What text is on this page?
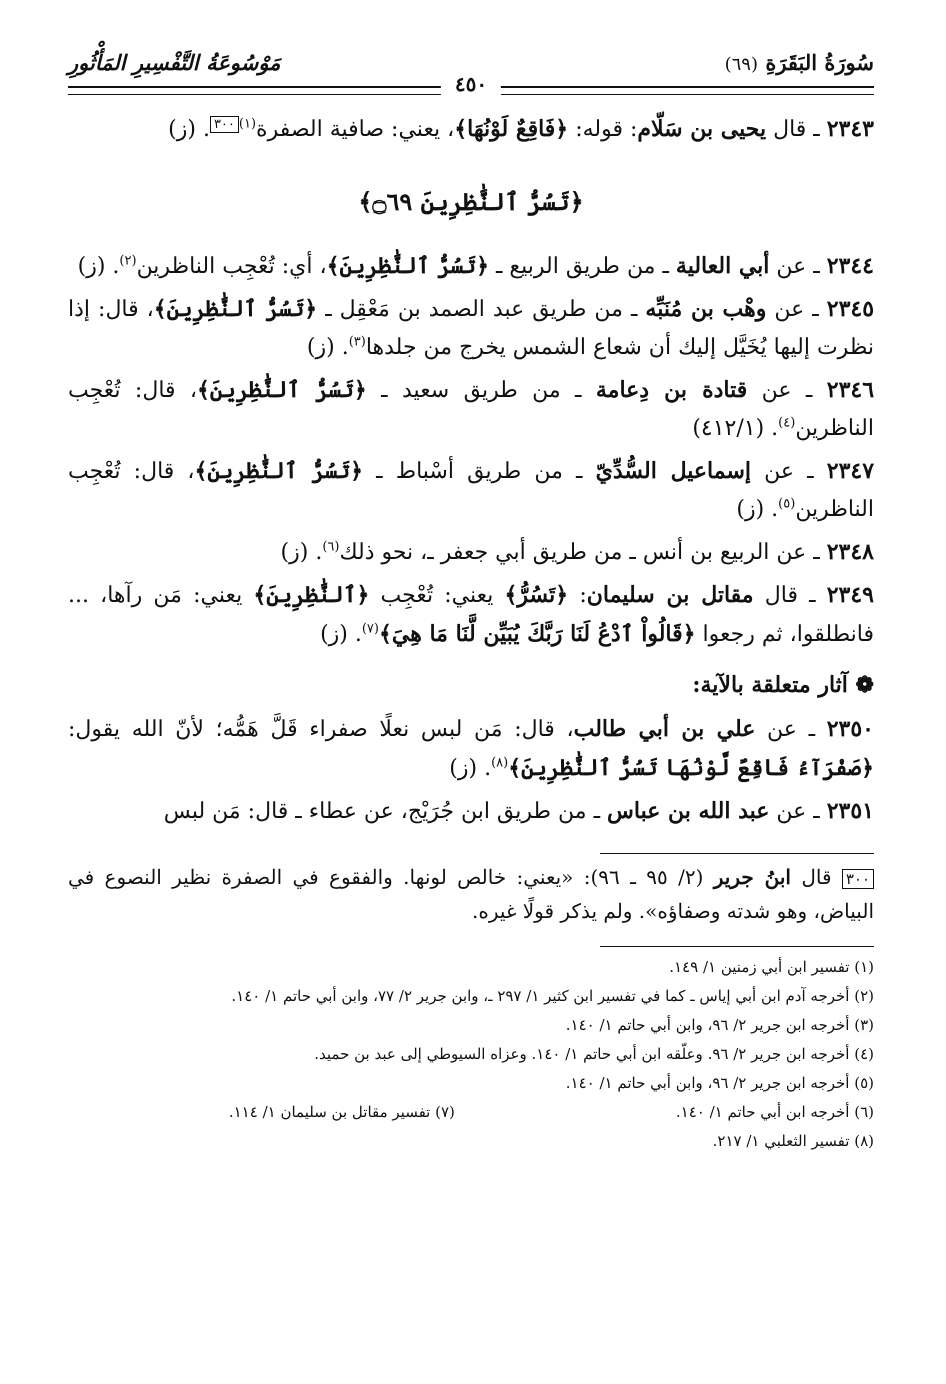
سُورَةُ البَقَرَةِ (٦٩)
٤٥٠
مَوْسُوعَةُ التَّفْسِيرِ المَأْثُورِ

٢٣٤٣ ـ قال يحيى بن سَلّام: قوله: ﴿فَاقِعٌ لَوْنُهَا﴾، يعني: صافية الصفرة$^{(١)٣٠٠}$. (ز)

﴿تَسُرُّ ٱلنَّٰظِرِينَ ۝٦٩﴾

٢٣٤٤ ـ عن أبي العالية ـ من طريق الربيع ـ ﴿تَسُرُّ ٱلنَّٰظِرِينَ﴾، أي: تُعْجِب الناظرين$^{(٢)}$. (ز)

٢٣٤٥ ـ عن وهْب بن مُنَبِّه ـ من طريق عبد الصمد بن مَعْقِل ـ ﴿تَسُرُّ ٱلنَّٰظِرِينَ﴾، قال: إذا نظرت إليها يُخَيَّل إليك أن شعاع الشمس يخرج من جلدها$^{(٣)}$. (ز)

٢٣٤٦ ـ عن قتادة بن دِعامة ـ من طريق سعيد ـ ﴿تَسُرُّ ٱلنَّٰظِرِينَ﴾، قال: تُعْجِب الناظرين$^{(٤)}$. (٤١٢/١)

٢٣٤٧ ـ عن إسماعيل السُّدِّيّ ـ من طريق أسْباط ـ ﴿تَسُرُّ ٱلنَّٰظِرِينَ﴾، قال: تُعْجِب الناظرين$^{(٥)}$. (ز)

٢٣٤٨ ـ عن الربيع بن أنس ـ من طريق أبي جعفر ـ، نحو ذلك$^{(٦)}$. (ز)

٢٣٤٩ ـ قال مقاتل بن سليمان: ﴿تَسُرُّ﴾ يعني: تُعْجِب ﴿ٱلنَّٰظِرِينَ﴾ يعني: مَن رآها، ... فانطلقوا، ثم رجعوا ﴿قَالُواْ ٱدْعُ لَنَا رَبَّكَ يُبَيِّن لَّنَا مَا هِيَ﴾$^{(٧)}$. (ز)

❁ آثار متعلقة بالآية:

٢٣٥٠ ـ عن علي بن أبي طالب، قال: مَن لبس نعلًا صفراء قَلَّ هَمُّه؛ لأنّ الله يقول: ﴿صَفْرَآءُ فَاقِعٌ لَّوْنُهَا تَسُرُّ ٱلنَّٰظِرِينَ﴾$^{(٨)}$. (ز)

٢٣٥١ ـ عن عبد الله بن عباس ـ من طريق ابن جُرَيْج، عن عطاء ـ قال: مَن لبس

٣٠٠ قال ابنُ جرير (٢/ ٩٥ ـ ٩٦): «يعني: خالص لونها. والفقوع في الصفرة نظير النصوع في البياض، وهو شدته وصفاؤه». ولم يذكر قولًا غيره.
(١) تفسير ابن أبي زمنين ١/ ١٤٩.
(٢) أخرجه آدم ابن أبي إياس ـ كما في تفسير ابن كثير ١/ ٢٩٧ ـ، وابن جرير ٢/ ٧٧، وابن أبي حاتم ١/ ١٤٠.
(٣) أخرجه ابن جرير ٢/ ٩٦، وابن أبي حاتم ١/ ١٤٠.
(٤) أخرجه ابن جرير ٢/ ٩٦. وعلّقه ابن أبي حاتم ١/ ١٤٠. وعزاه السيوطي إلى عبد بن حميد.
(٥) أخرجه ابن جرير ٢/ ٩٦، وابن أبي حاتم ١/ ١٤٠.
(٦) أخرجه ابن أبي حاتم ١/ ١٤٠.
(٧) تفسير مقاتل بن سليمان ١/ ١١٤.
(٨) تفسير الثعلبي ١/ ٢١٧.
